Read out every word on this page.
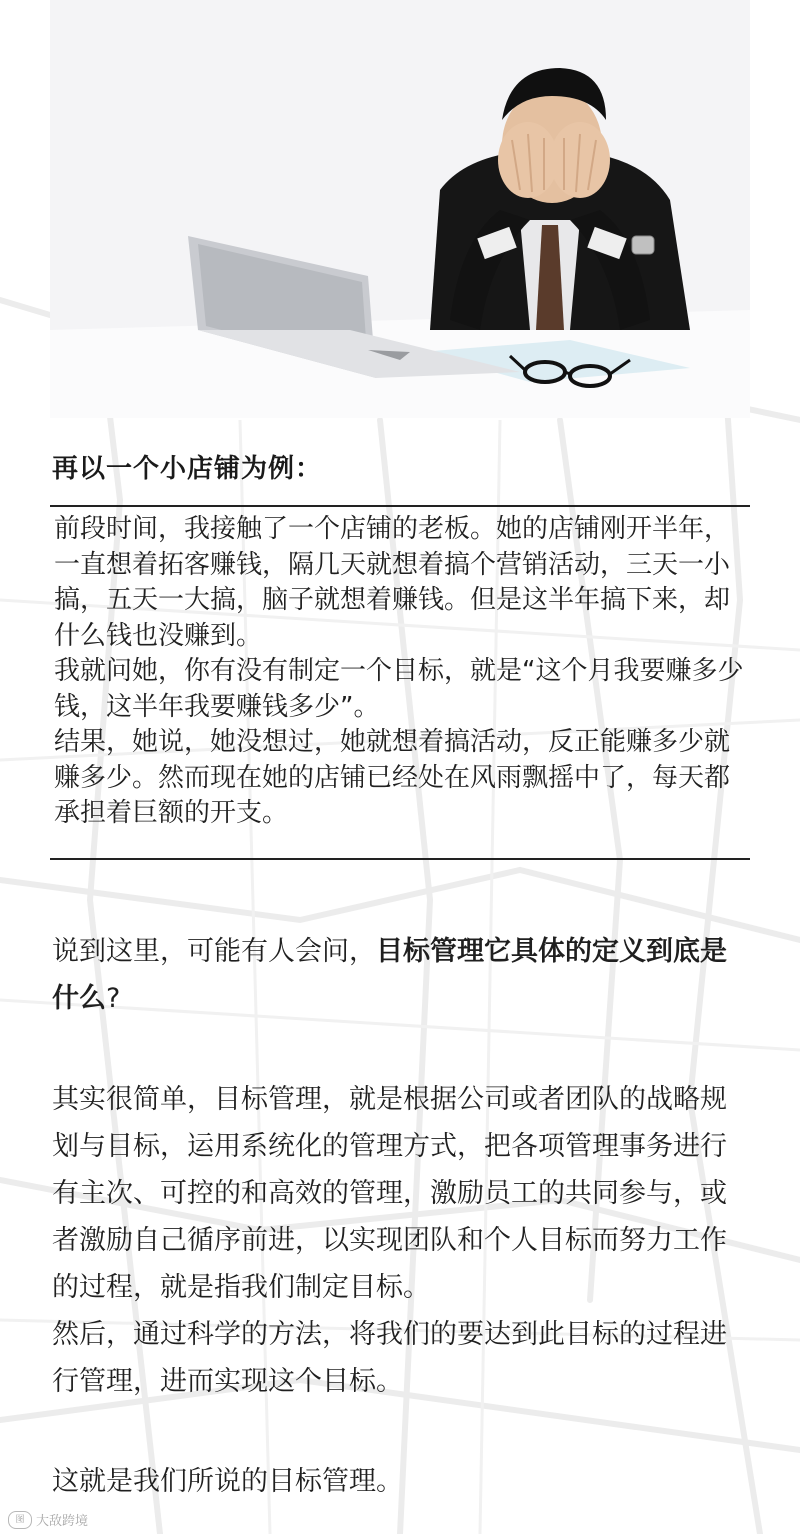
再以一个小店铺为例：

前段时间，我接触了一个店铺的老板。她的店铺刚开半年，一直想着拓客赚钱，隔几天就想着搞个营销活动，三天一小搞，五天一大搞，脑子就想着赚钱。但是这半年搞下来，却什么钱也没赚到。

我就问她，你有没有制定一个目标，就是“这个月我要赚多少钱，这半年我要赚钱多少”。

结果，她说，她没想过，她就想着搞活动，反正能赚多少就赚多少。然而现在她的店铺已经处在风雨飘摇中了，每天都承担着巨额的开支。

说到这里，可能有人会问，目标管理它具体的定义到底是什么?

其实很简单，目标管理，就是根据公司或者团队的战略规划与目标，运用系统化的管理方式，把各项管理事务进行有主次、可控的和高效的管理，激励员工的共同参与，或者激励自己循序前进，以实现团队和个人目标而努力工作的过程，就是指我们制定目标。

然后，通过科学的方法，将我们的要达到此目标的过程进行管理，进而实现这个目标。

这就是我们所说的目标管理。

图 大敌跨境
